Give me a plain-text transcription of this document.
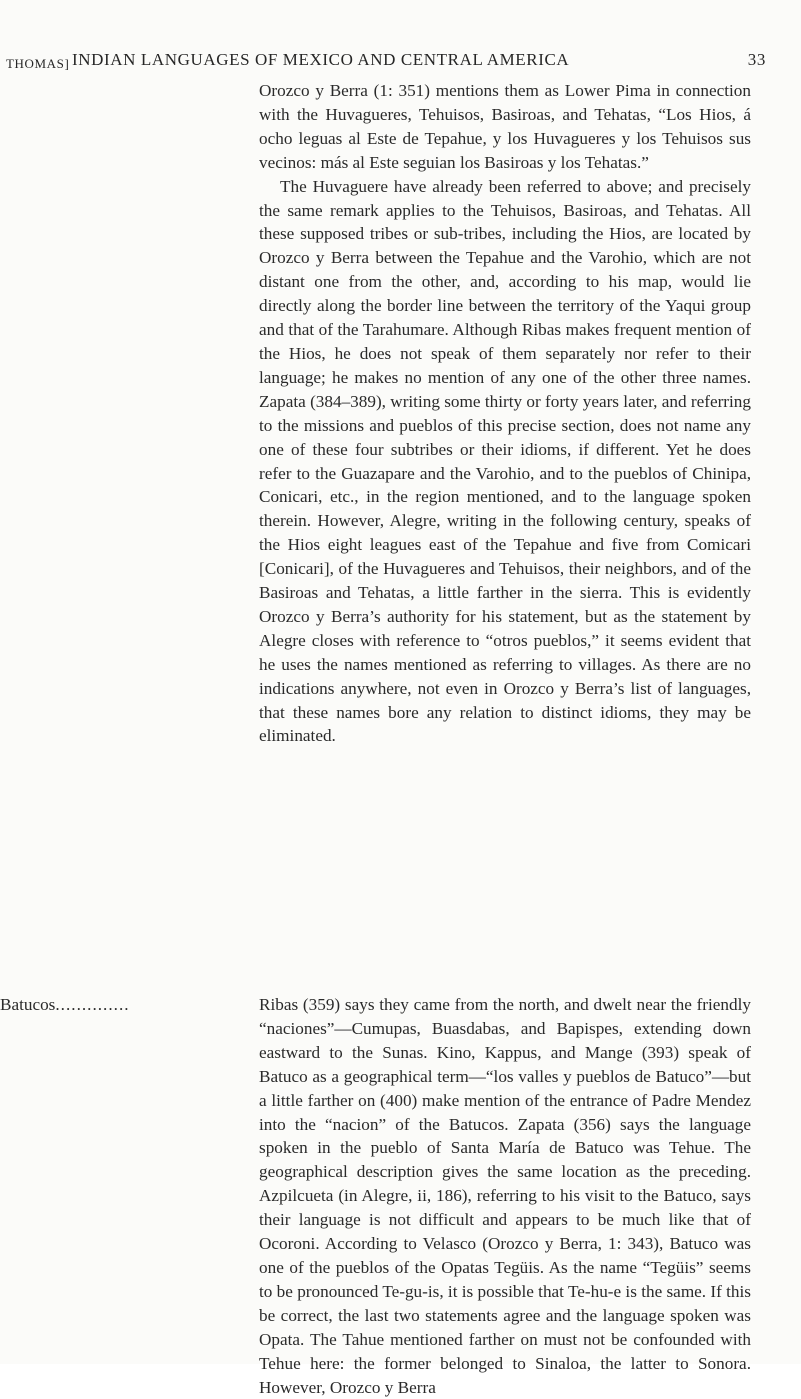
THOMAS] INDIAN LANGUAGES OF MEXICO AND CENTRAL AMERICA	33

Orozco y Berra (1: 351) mentions them as Lower Pima in connection with the Huvagueres, Tehuisos, Basiroas, and Tehatas, “Los Hios, á ocho leguas al Este de Tepahue, y los Huvagueres y los Tehuisos sus vecinos: más al Este seguian los Basiroas y los Tehatas.”

The Huvaguere have already been referred to above; and precisely the same remark applies to the Tehuisos, Basiroas, and Tehatas. All these supposed tribes or sub-tribes, including the Hios, are located by Orozco y Berra between the Tepahue and the Varohio, which are not distant one from the other, and, according to his map, would lie directly along the border line between the territory of the Yaqui group and that of the Tarahumare. Although Ribas makes frequent mention of the Hios, he does not speak of them separately nor refer to their language; he makes no mention of any one of the other three names. Zapata (384–389), writing some thirty or forty years later, and referring to the missions and pueblos of this precise section, does not name any one of these four subtribes or their idioms, if different. Yet he does refer to the Guazapare and the Varohio, and to the pueblos of Chinipa, Conicari, etc., in the region mentioned, and to the language spoken therein. However, Alegre, writing in the following century, speaks of the Hios eight leagues east of the Tepahue and five from Comicari [Conicari], of the Huvagueres and Tehuisos, their neighbors, and of the Basiroas and Tehatas, a little farther in the sierra. This is evidently Orozco y Berra’s authority for his statement, but as the statement by Alegre closes with reference to “otros pueblos,” it seems evident that he uses the names mentioned as referring to villages. As there are no indications anywhere, not even in Orozco y Berra’s list of languages, that these names bore any relation to distinct idioms, they may be eliminated.

Batucos..............	Ribas (359) says they came from the north, and dwelt near the friendly “naciones”—Cumupas, Buasdabas, and Bapispes, extending down eastward to the Sunas. Kino, Kappus, and Mange (393) speak of Batuco as a geographical term—“los valles y pueblos de Batuco”—but a little farther on (400) make mention of the entrance of Padre Mendez into the “nacion” of the Batucos. Zapata (356) says the language spoken in the pueblo of Santa María de Batuco was Tehue. The geographical description gives the same location as the preceding. Azpilcueta (in Alegre, ii, 186), referring to his visit to the Batuco, says their language is not difficult and appears to be much like that of Ocoroni. According to Velasco (Orozco y Berra, 1: 343), Batuco was one of the pueblos of the Opatas Tegüis. As the name “Tegüis” seems to be pronounced Te-gu-is, it is possible that Te-hu-e is the same. If this be correct, the last two statements agree and the language spoken was Opata. The Tahue mentioned farther on must not be confounded with Tehue here: the former belonged to Sinaloa, the latter to Sonora. However, Orozco y Berra
